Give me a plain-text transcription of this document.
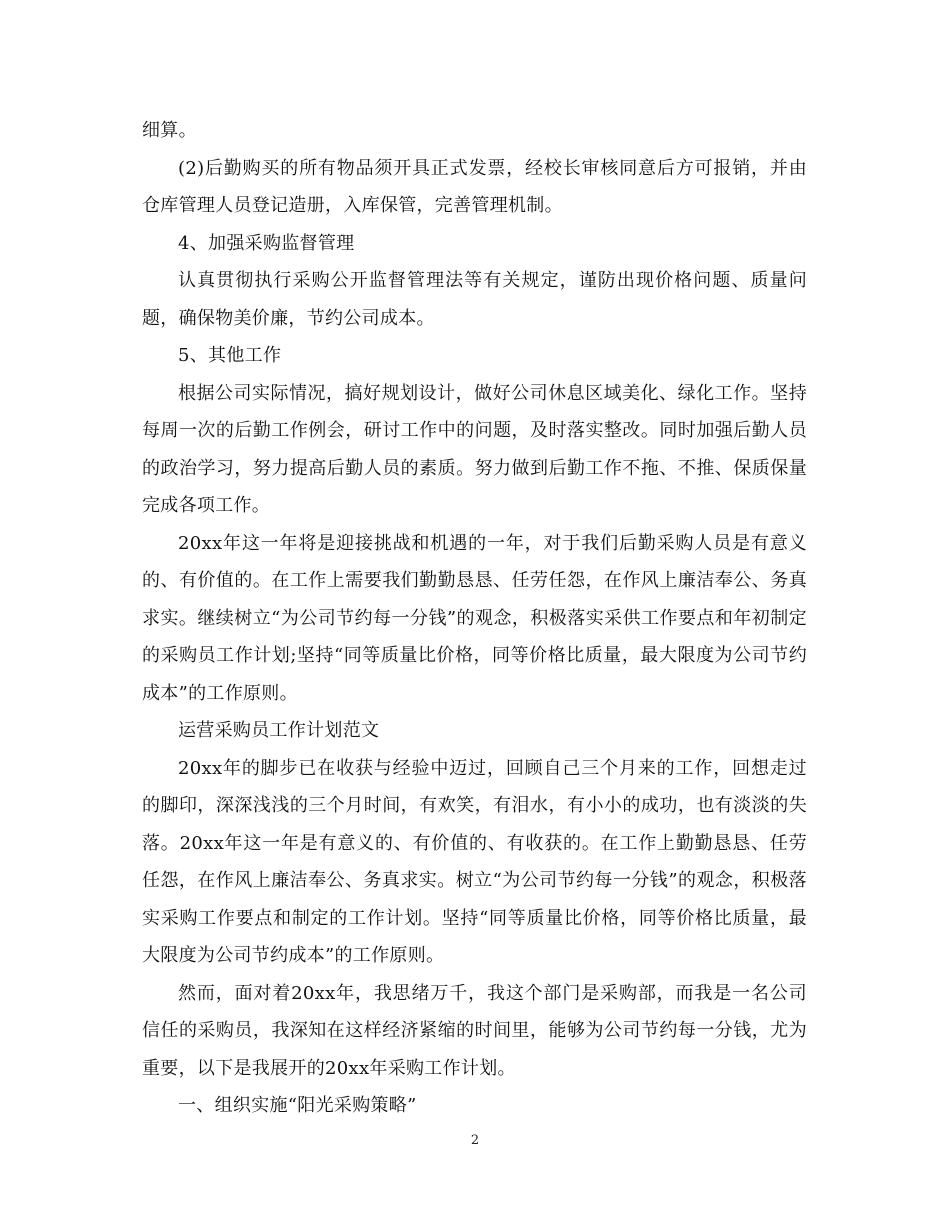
细算。

(2)后勤购买的所有物品须开具正式发票，经校长审核同意后方可报销，并由仓库管理人员登记造册，入库保管，完善管理机制。

4、加强采购监督管理

认真贯彻执行采购公开监督管理法等有关规定，谨防出现价格问题、质量问题，确保物美价廉，节约公司成本。

5、其他工作

根据公司实际情况，搞好规划设计，做好公司休息区域美化、绿化工作。坚持每周一次的后勤工作例会，研讨工作中的问题，及时落实整改。同时加强后勤人员的政治学习，努力提高后勤人员的素质。努力做到后勤工作不拖、不推、保质保量完成各项工作。

20xx年这一年将是迎接挑战和机遇的一年，对于我们后勤采购人员是有意义的、有价值的。在工作上需要我们勤勤恳恳、任劳任怨，在作风上廉洁奉公、务真求实。继续树立“为公司节约每一分钱”的观念，积极落实采供工作要点和年初制定的采购员工作计划;坚持“同等质量比价格，同等价格比质量，最大限度为公司节约成本”的工作原则。

运营采购员工作计划范文

20xx年的脚步已在收获与经验中迈过，回顾自己三个月来的工作，回想走过的脚印，深深浅浅的三个月时间，有欢笑，有泪水，有小小的成功，也有淡淡的失落。20xx年这一年是有意义的、有价值的、有收获的。在工作上勤勤恳恳、任劳任怨，在作风上廉洁奉公、务真求实。树立“为公司节约每一分钱”的观念，积极落实采购工作要点和制定的工作计划。坚持“同等质量比价格，同等价格比质量，最大限度为公司节约成本”的工作原则。

然而，面对着20xx年，我思绪万千，我这个部门是采购部，而我是一名公司信任的采购员，我深知在这样经济紧缩的时间里，能够为公司节约每一分钱，尤为重要，以下是我展开的20xx年采购工作计划。

一、组织实施“阳光采购策略”

2
